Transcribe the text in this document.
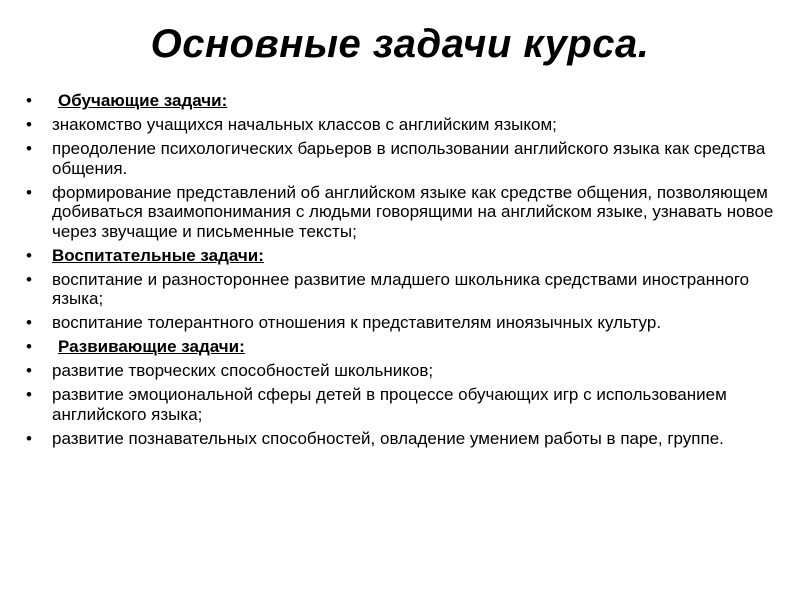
Основные задачи курса.
• Обучающие задачи:
• знакомство учащихся начальных классов с английским языком;
• преодоление психологических барьеров в использовании английского языка как средства общения.
• формирование представлений об английском языке как средстве общения, позволяющем добиваться взаимопонимания с людьми говорящими на английском языке, узнавать новое через звучащие и письменные тексты;
• Воспитательные задачи:
• воспитание и разностороннее развитие младшего школьника средствами иностранного языка;
• воспитание толерантного отношения к представителям иноязычных культур.
• Развивающие задачи:
• развитие творческих способностей школьников;
• развитие эмоциональной сферы детей в процессе обучающих игр с использованием английского языка;
• развитие познавательных способностей, овладение умением работы в паре, группе.
